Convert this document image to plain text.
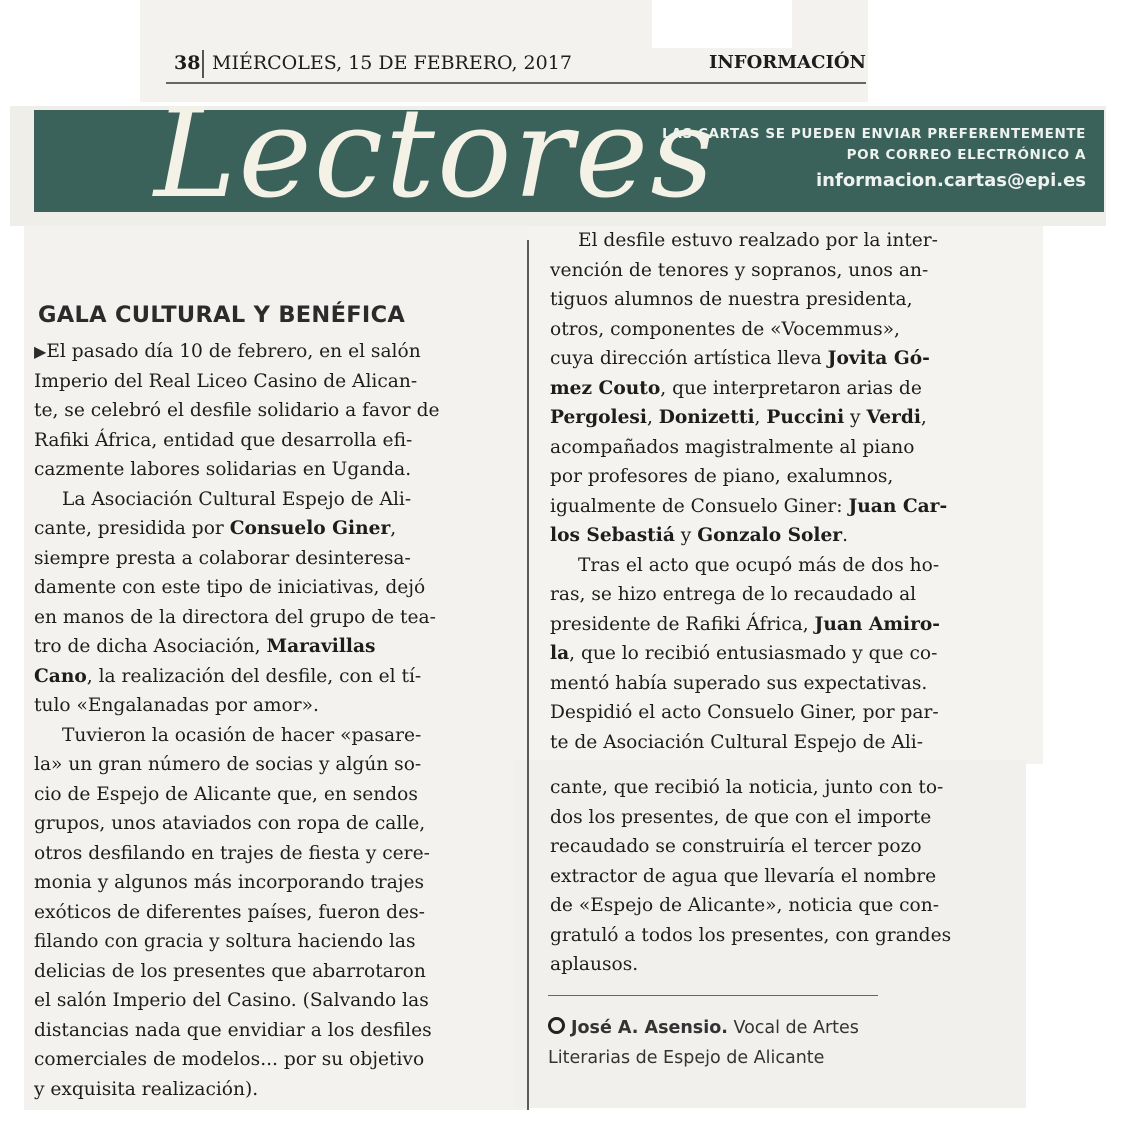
38 MIÉRCOLES, 15 DE FEBRERO, 2017	INFORMACIÓN
Lectores
LAS CARTAS SE PUEDEN ENVIAR PREFERENTEMENTE
POR CORREO ELECTRÓNICO A
informacion.cartas@epi.es
GALA CULTURAL Y BENÉFICA

▶El pasado día 10 de febrero, en el salón

Imperio del Real Liceo Casino de Alican-

te, se celebró el desfile solidario a favor de

Rafiki África, entidad que desarrolla efi-

cazmente labores solidarias en Uganda.

La Asociación Cultural Espejo de Ali-

cante, presidida por Consuelo Giner,

siempre presta a colaborar desinteresa-

damente con este tipo de iniciativas, dejó

en manos de la directora del grupo de tea-

tro de dicha Asociación, Maravillas

Cano, la realización del desfile, con el tí-

tulo «Engalanadas por amor».

Tuvieron la ocasión de hacer «pasare-

la» un gran número de socias y algún so-

cio de Espejo de Alicante que, en sendos

grupos, unos ataviados con ropa de calle,

otros desfilando en trajes de fiesta y cere-

monia y algunos más incorporando trajes

exóticos de diferentes países, fueron des-

filando con gracia y soltura haciendo las

delicias de los presentes que abarrotaron

el salón Imperio del Casino. (Salvando las

distancias nada que envidiar a los desfiles

comerciales de modelos... por su objetivo

y exquisita realización).

El desfile estuvo realzado por la inter-

vención de tenores y sopranos, unos an-

tiguos alumnos de nuestra presidenta,

otros, componentes de «Vocemmus»,

cuya dirección artística lleva Jovita Gó-

mez Couto, que interpretaron arias de

Pergolesi, Donizetti, Puccini y Verdi,

acompañados magistralmente al piano

por profesores de piano, exalumnos,

igualmente de Consuelo Giner: Juan Car-

los Sebastiá y Gonzalo Soler.

Tras el acto que ocupó más de dos ho-

ras, se hizo entrega de lo recaudado al

presidente de Rafiki África, Juan Amiro-

la, que lo recibió entusiasmado y que co-

mentó había superado sus expectativas.

Despidió el acto Consuelo Giner, por par-

te de Asociación Cultural Espejo de Ali-

cante, que recibió la noticia, junto con to-

dos los presentes, de que con el importe

recaudado se construiría el tercer pozo

extractor de agua que llevaría el nombre

de «Espejo de Alicante», noticia que con-

gratuló a todos los presentes, con grandes

aplausos.

José A. Asensio. Vocal de Artes

Literarias de Espejo de Alicante
